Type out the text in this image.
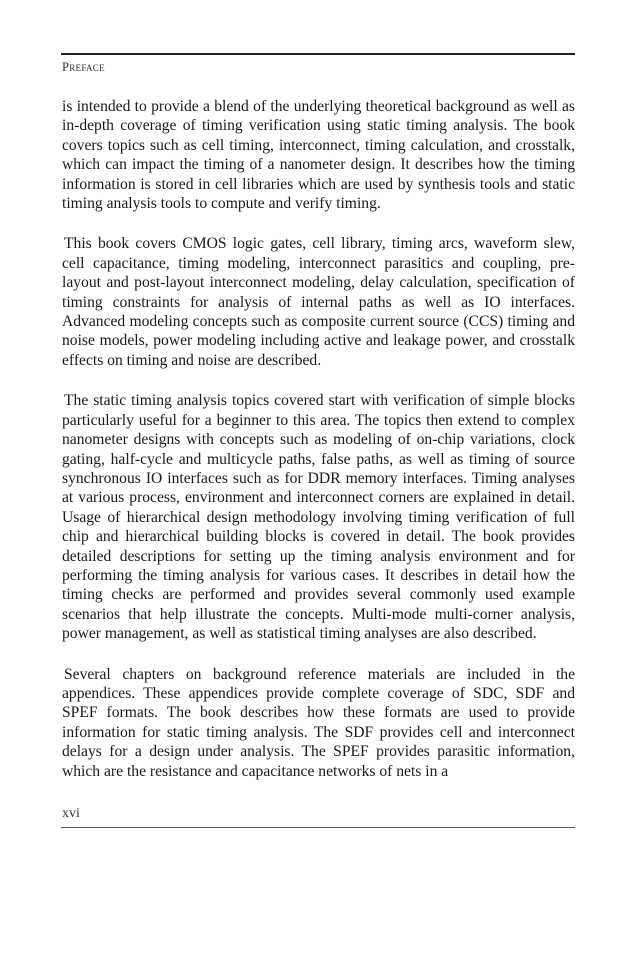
Preface

is intended to provide a blend of the underlying theoretical background as well as in-depth coverage of timing verification using static timing analysis. The book covers topics such as cell timing, interconnect, timing calculation, and crosstalk, which can impact the timing of a nanometer design. It describes how the timing information is stored in cell libraries which are used by synthesis tools and static timing analysis tools to compute and verify timing.

This book covers CMOS logic gates, cell library, timing arcs, waveform slew, cell capacitance, timing modeling, interconnect parasitics and coupling, pre-layout and post-layout interconnect modeling, delay calculation, specification of timing constraints for analysis of internal paths as well as IO interfaces. Advanced modeling concepts such as composite current source (CCS) timing and noise models, power modeling including active and leakage power, and crosstalk effects on timing and noise are described.

The static timing analysis topics covered start with verification of simple blocks particularly useful for a beginner to this area. The topics then extend to complex nanometer designs with concepts such as modeling of on-chip variations, clock gating, half-cycle and multicycle paths, false paths, as well as timing of source synchronous IO interfaces such as for DDR memory interfaces. Timing analyses at various process, environment and interconnect corners are explained in detail. Usage of hierarchical design methodology involving timing verification of full chip and hierarchical building blocks is covered in detail. The book provides detailed descriptions for setting up the timing analysis environment and for performing the timing analysis for various cases. It describes in detail how the timing checks are performed and provides several commonly used example scenarios that help illustrate the concepts. Multi-mode multi-corner analysis, power management, as well as statistical timing analyses are also described.

Several chapters on background reference materials are included in the appendices. These appendices provide complete coverage of SDC, SDF and SPEF formats. The book describes how these formats are used to provide information for static timing analysis. The SDF provides cell and interconnect delays for a design under analysis. The SPEF provides parasitic information, which are the resistance and capacitance networks of nets in a

xvi
